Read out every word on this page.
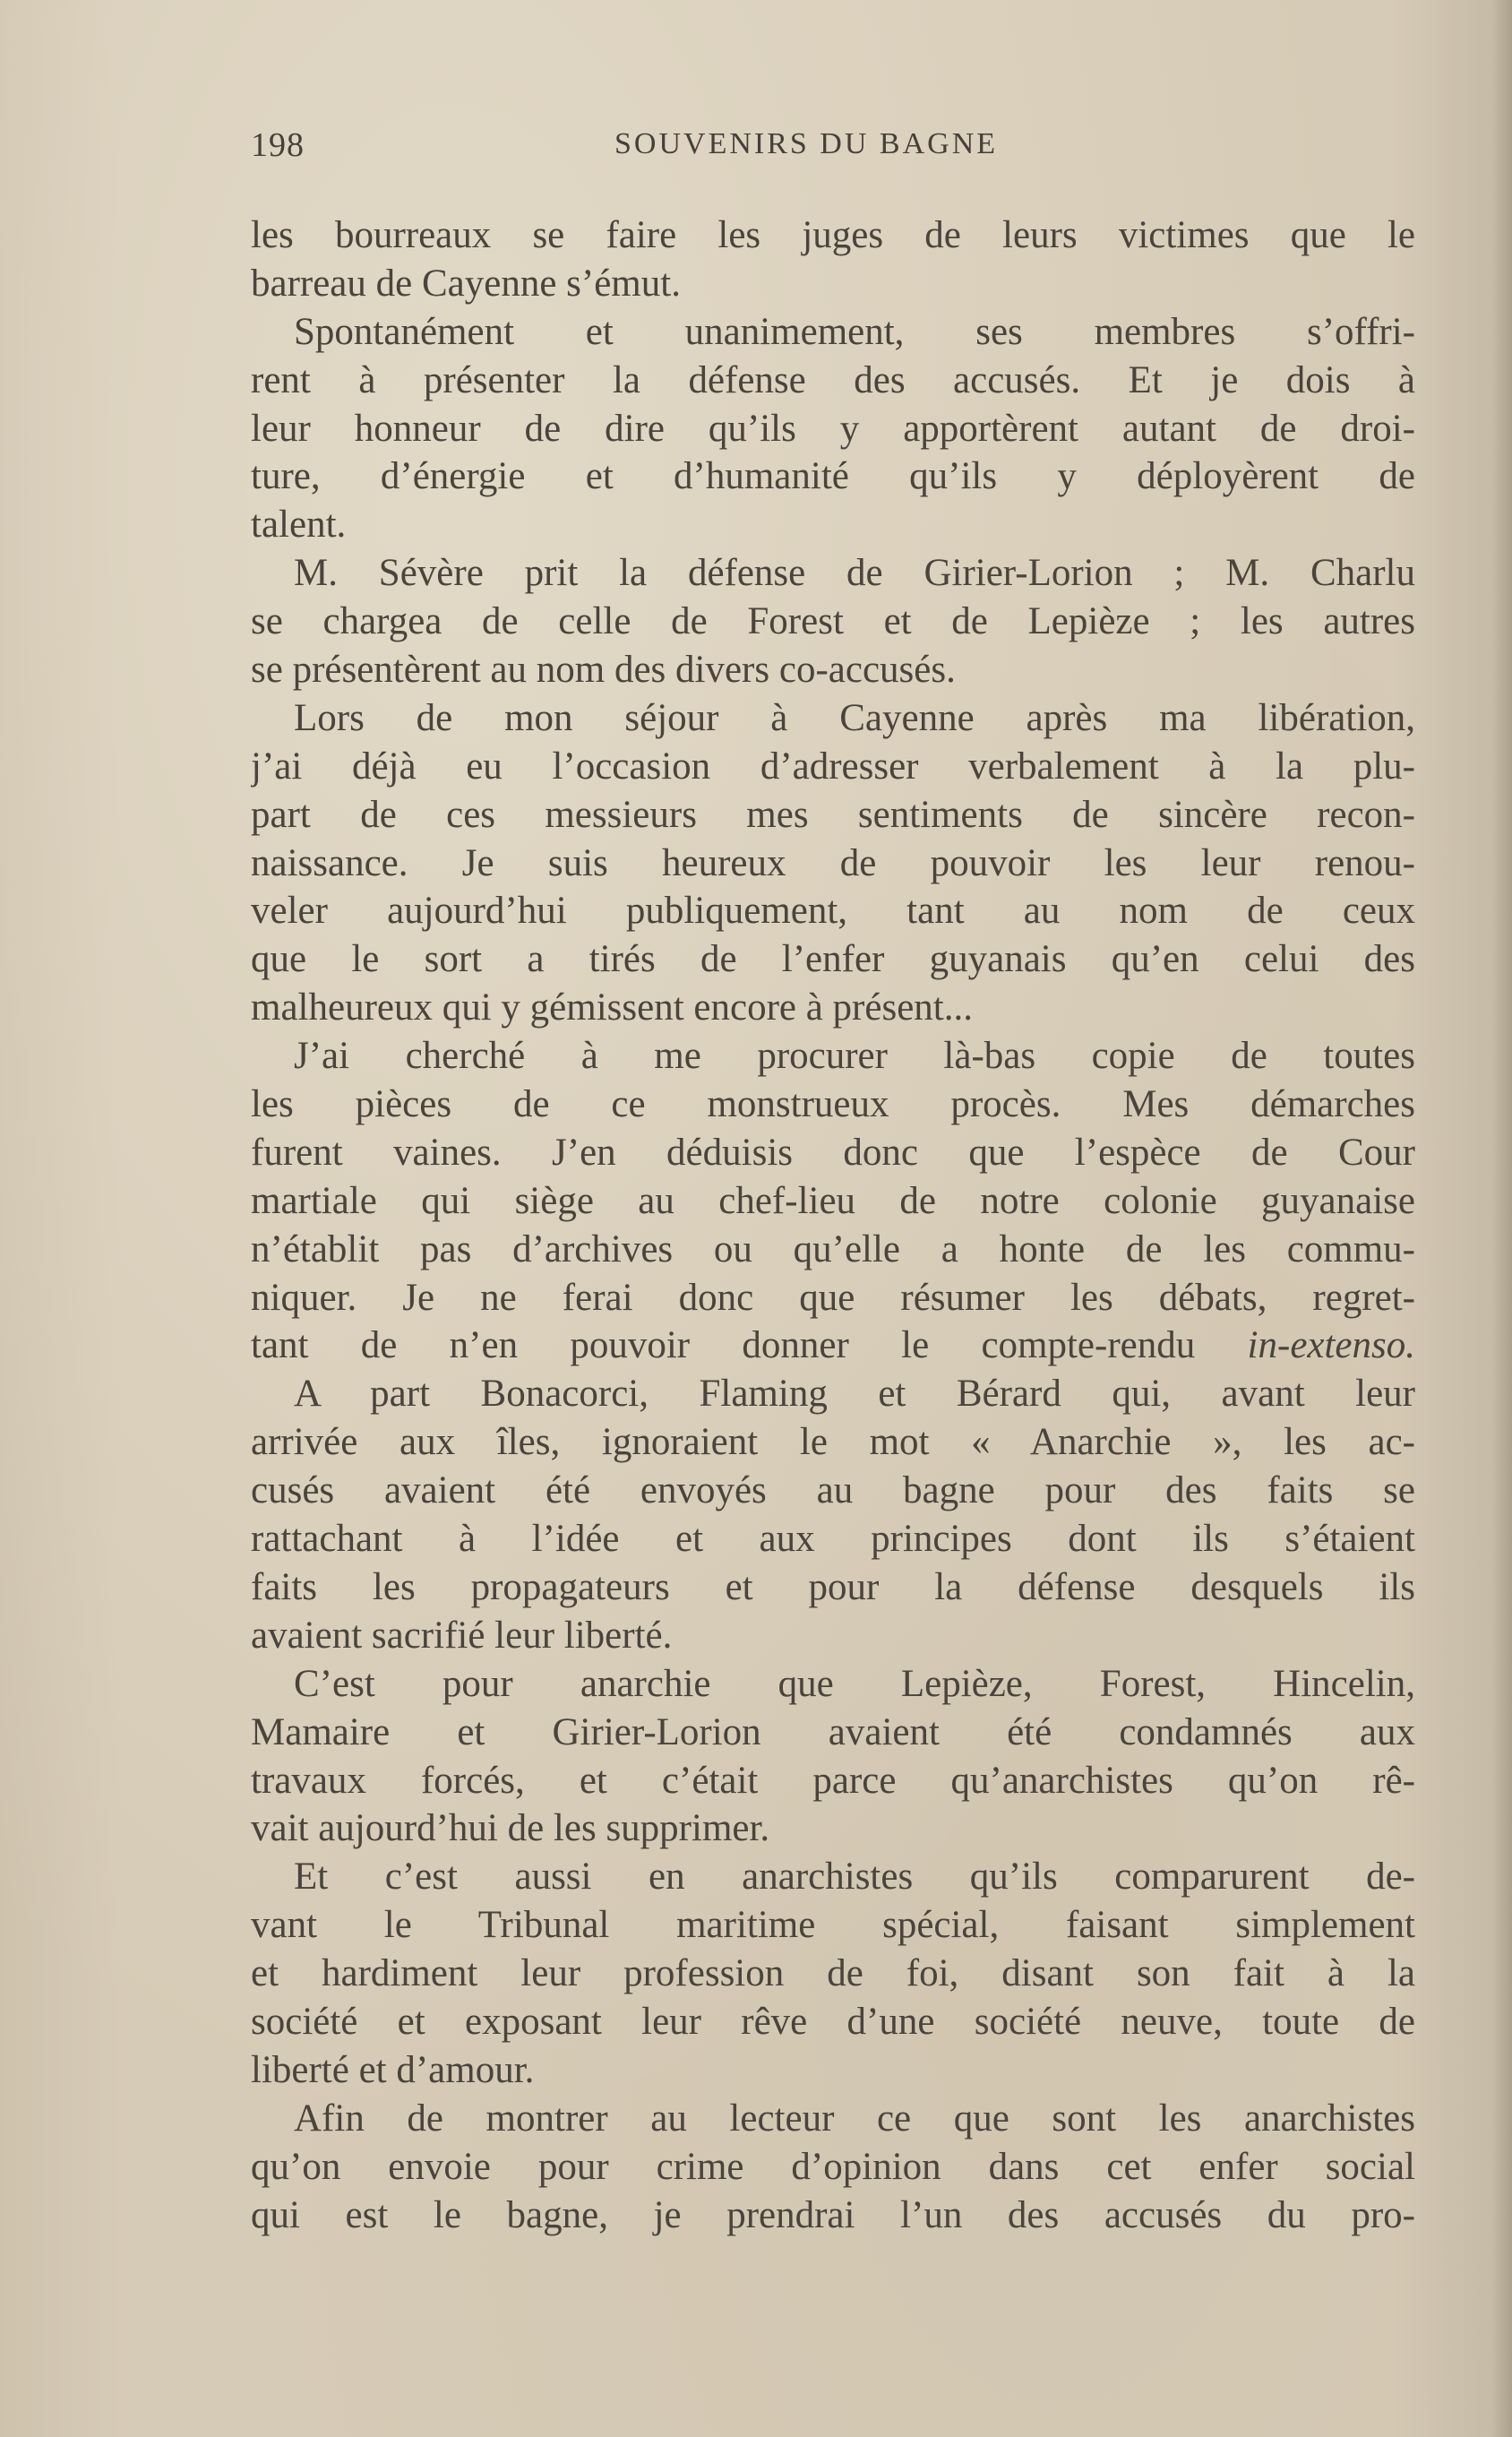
198	SOUVENIRS DU BAGNE
les bourreaux se faire les juges de leurs victimes que le
barreau de Cayenne s’émut.
Spontanément et unanimement, ses membres s’offri-
rent à présenter la défense des accusés. Et je dois à
leur honneur de dire qu’ils y apportèrent autant de droi-
ture, d’énergie et d’humanité qu’ils y déployèrent de
talent.
M. Sévère prit la défense de Girier-Lorion ; M. Charlu
se chargea de celle de Forest et de Lepièze ; les autres
se présentèrent au nom des divers co-accusés.
Lors de mon séjour à Cayenne après ma libération,
j’ai déjà eu l’occasion d’adresser verbalement à la plu-
part de ces messieurs mes sentiments de sincère recon-
naissance. Je suis heureux de pouvoir les leur renou-
veler aujourd’hui publiquement, tant au nom de ceux
que le sort a tirés de l’enfer guyanais qu’en celui des
malheureux qui y gémissent encore à présent...
J’ai cherché à me procurer là-bas copie de toutes
les pièces de ce monstrueux procès. Mes démarches
furent vaines. J’en déduisis donc que l’espèce de Cour
martiale qui siège au chef-lieu de notre colonie guyanaise
n’établit pas d’archives ou qu’elle a honte de les commu-
niquer. Je ne ferai donc que résumer les débats, regret-
tant de n’en pouvoir donner le compte-rendu in-extenso.
A part Bonacorci, Flaming et Bérard qui, avant leur
arrivée aux îles, ignoraient le mot « Anarchie », les ac-
cusés avaient été envoyés au bagne pour des faits se
rattachant à l’idée et aux principes dont ils s’étaient
faits les propagateurs et pour la défense desquels ils
avaient sacrifié leur liberté.
C’est pour anarchie que Lepièze, Forest, Hincelin,
Mamaire et Girier-Lorion avaient été condamnés aux
travaux forcés, et c’était parce qu’anarchistes qu’on rê-
vait aujourd’hui de les supprimer.
Et c’est aussi en anarchistes qu’ils comparurent de-
vant le Tribunal maritime spécial, faisant simplement
et hardiment leur profession de foi, disant son fait à la
société et exposant leur rêve d’une société neuve, toute de
liberté et d’amour.
Afin de montrer au lecteur ce que sont les anarchistes
qu’on envoie pour crime d’opinion dans cet enfer social
qui est le bagne, je prendrai l’un des accusés du pro-
